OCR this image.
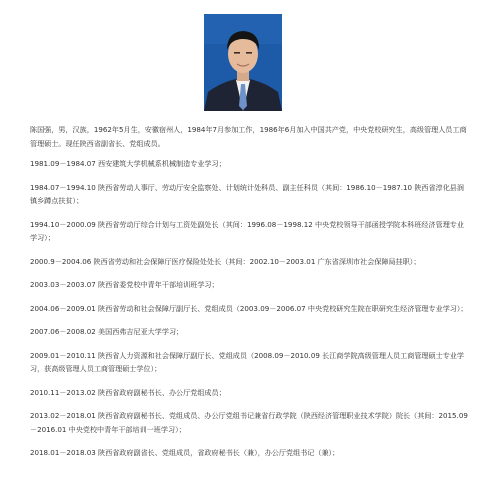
陈国强，男，汉族，1962年5月生，安徽宿州人，1984年7月参加工作，1986年6月加入中国共产党，中央党校研究生，高级管理人员工商管理硕士。现任陕西省副省长、党组成员。

1981.09－1984.07 西安建筑大学机械系机械制造专业学习；

1984.07－1994.10 陕西省劳动人事厅、劳动厅安全监察处、计划统计处科员、副主任科员（其间：1986.10－1987.10 陕西省淳化县润镇乡蹲点扶贫）；

1994.10－2000.09 陕西省劳动厅综合计划与工资处副处长（其间：1996.08－1998.12 中央党校领导干部函授学院本科班经济管理专业学习）；

2000.9－2004.06 陕西省劳动和社会保障厅医疗保险处处长（其间：2002.10－2003.01 广东省深圳市社会保障局挂职）；

2003.03－2003.07 陕西省委党校中青年干部培训班学习；

2004.06－2009.01 陕西省劳动和社会保障厅副厅长、党组成员（2003.09－2006.07 中央党校研究生院在职研究生经济管理专业学习）；

2007.06－2008.02 美国西弗吉尼亚大学学习；

2009.01－2010.11 陕西省人力资源和社会保障厅副厅长、党组成员（2008.09－2010.09 长江商学院高级管理人员工商管理硕士专业学习，获高级管理人员工商管理硕士学位）；

2010.11－2013.02 陕西省政府副秘书长、办公厅党组成员；

2013.02－2018.01 陕西省政府副秘书长、党组成员、办公厅党组书记兼省行政学院（陕西经济管理职业技术学院）院长（其间：2015.09－2016.01 中央党校中青年干部培训一班学习）；

2018.01－2018.03 陕西省政府副省长、党组成员，省政府秘书长（兼），办公厅党组书记（兼）；
